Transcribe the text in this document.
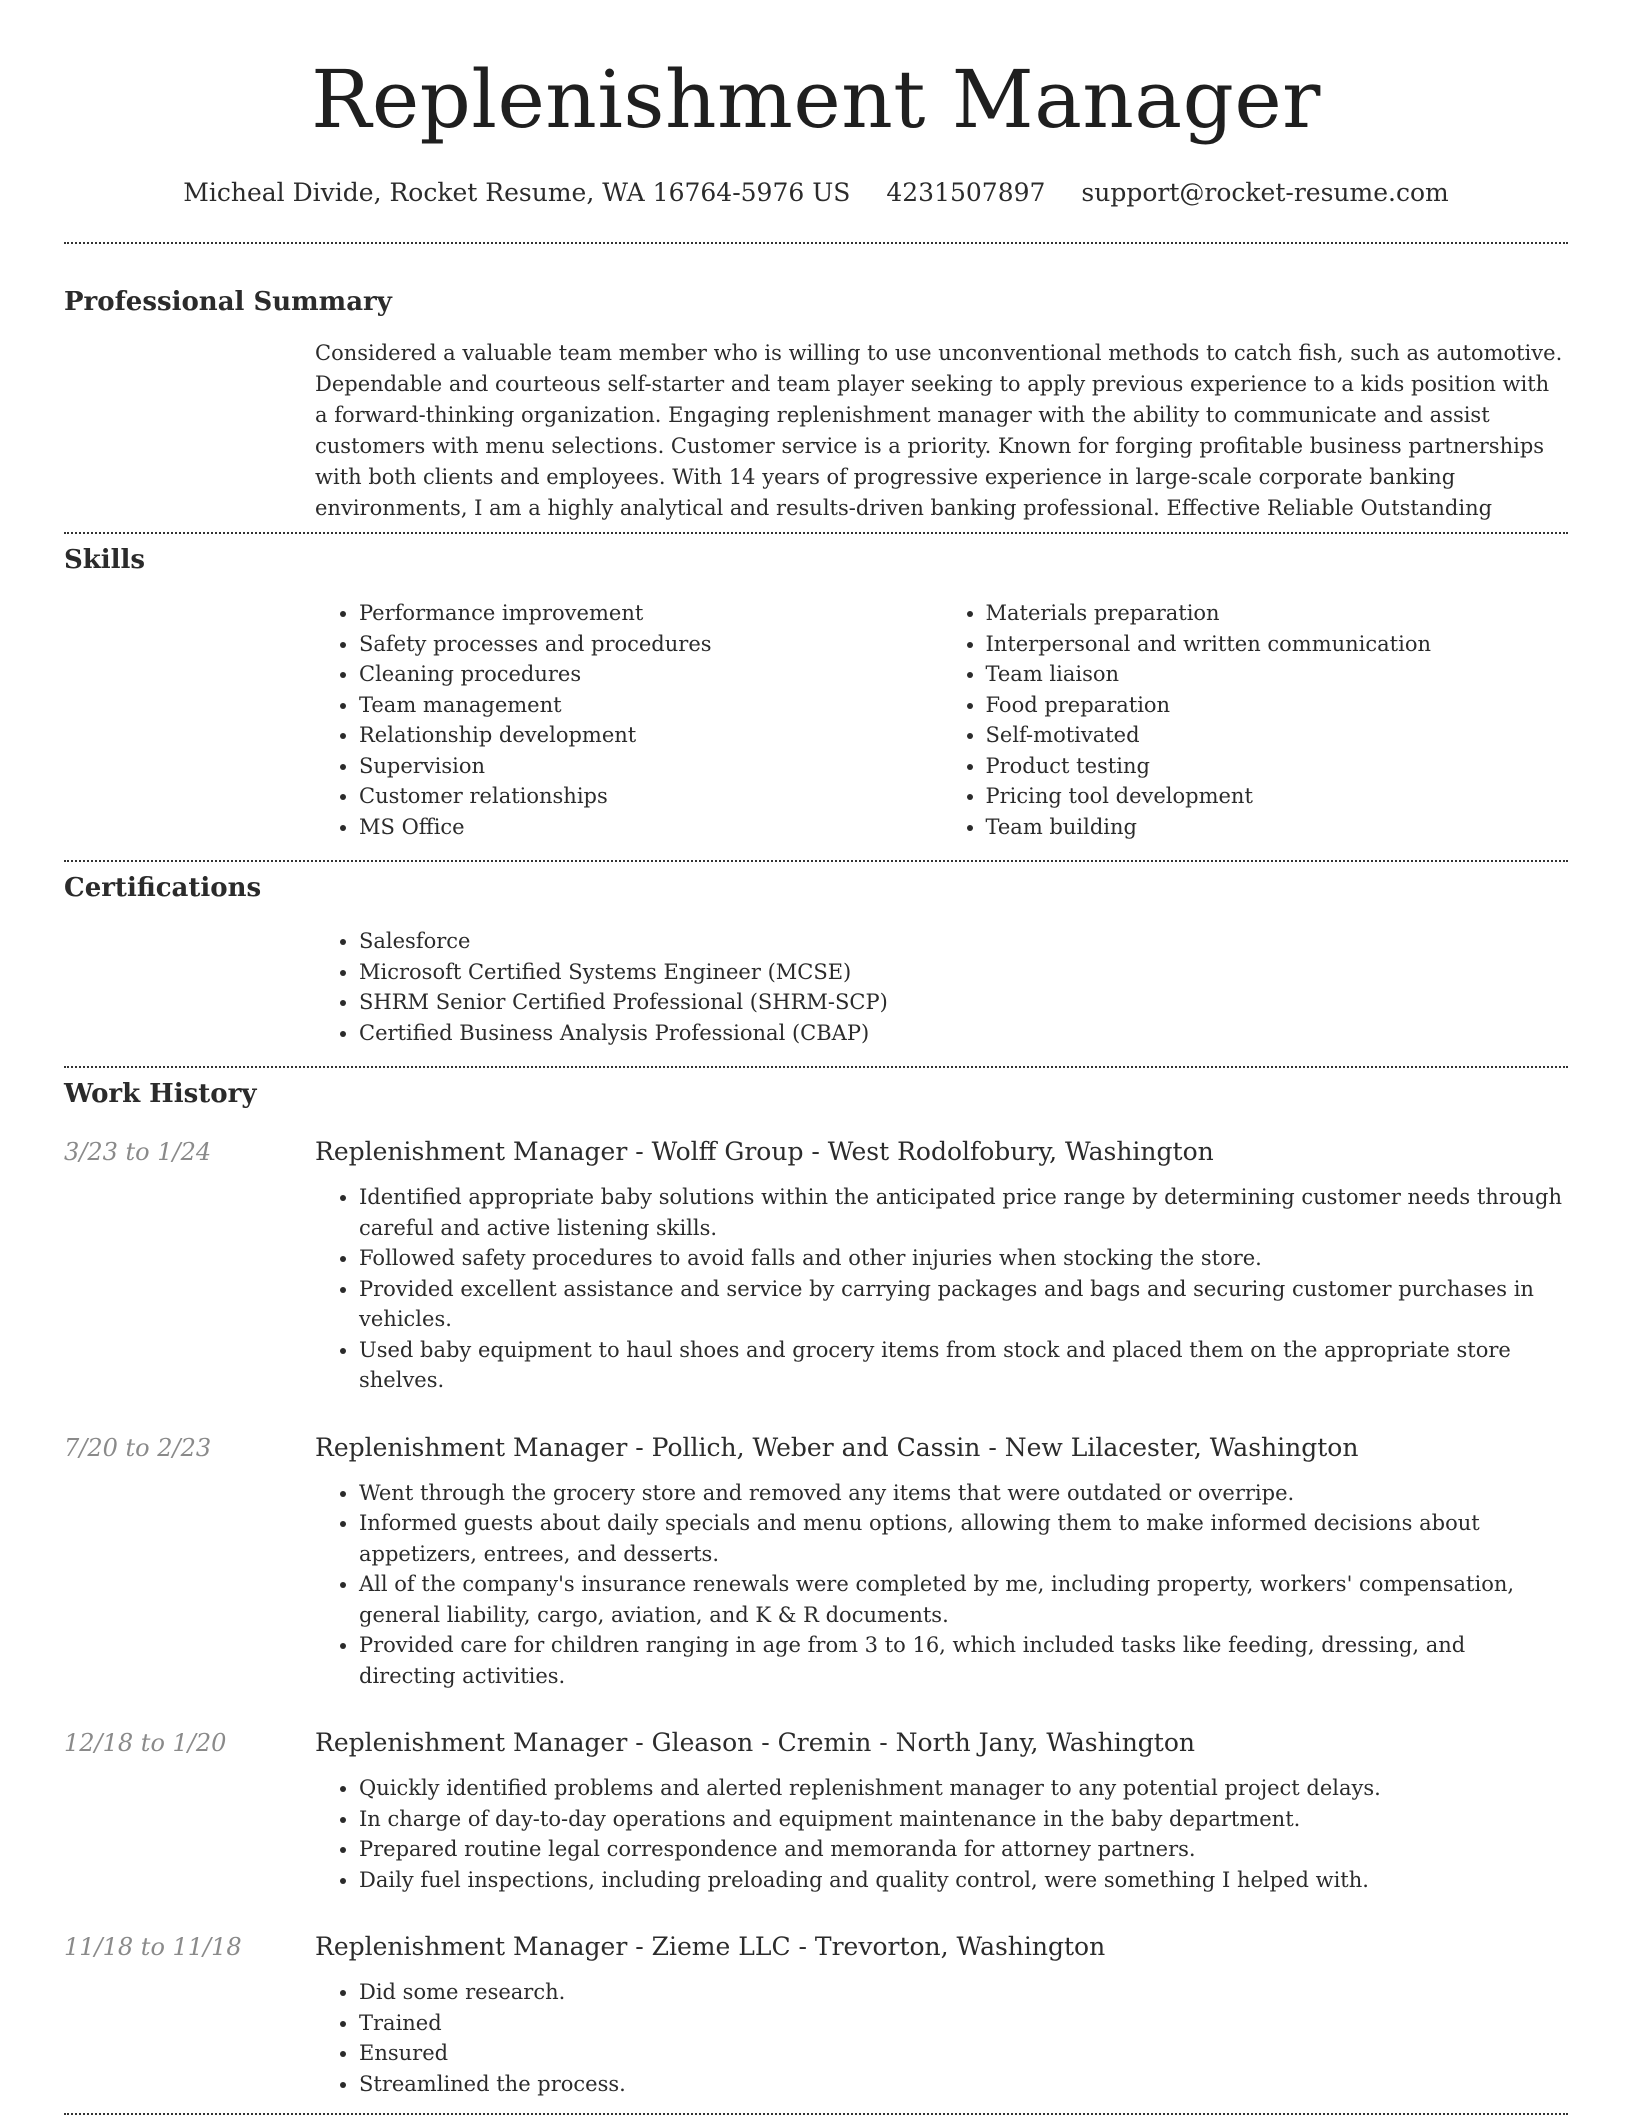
Replenishment Manager
Micheal Divide, Rocket Resume, WA 16764-5976 US 4231507897 support@rocket-resume.com
Professional Summary

Considered a valuable team member who is willing to use unconventional methods to catch fish, such as automotive. Dependable and courteous self-starter and team player seeking to apply previous experience to a kids position with a forward-thinking organization. Engaging replenishment manager with the ability to communicate and assist customers with menu selections. Customer service is a priority. Known for forging profitable business partnerships with both clients and employees. With 14 years of progressive experience in large-scale corporate banking environments, I am a highly analytical and results-driven banking professional. Effective Reliable Outstanding

Skills
• Performance improvement
• Safety processes and procedures
• Cleaning procedures
• Team management
• Relationship development
• Supervision
• Customer relationships
• MS Office
• Materials preparation
• Interpersonal and written communication
• Team liaison
• Food preparation
• Self-motivated
• Product testing
• Pricing tool development
• Team building
Certifications
• Salesforce
• Microsoft Certified Systems Engineer (MCSE)
• SHRM Senior Certified Professional (SHRM-SCP)
• Certified Business Analysis Professional (CBAP)
Work History
3/23 to 1/24	Replenishment Manager - Wolff Group - West Rodolfobury, Washington
• Identified appropriate baby solutions within the anticipated price range by determining customer needs through careful and active listening skills.
• Followed safety procedures to avoid falls and other injuries when stocking the store.
• Provided excellent assistance and service by carrying packages and bags and securing customer purchases in vehicles.
• Used baby equipment to haul shoes and grocery items from stock and placed them on the appropriate store shelves.
7/20 to 2/23	Replenishment Manager - Pollich, Weber and Cassin - New Lilacester, Washington
• Went through the grocery store and removed any items that were outdated or overripe.
• Informed guests about daily specials and menu options, allowing them to make informed decisions about appetizers, entrees, and desserts.
• All of the company's insurance renewals were completed by me, including property, workers' compensation, general liability, cargo, aviation, and K & R documents.
• Provided care for children ranging in age from 3 to 16, which included tasks like feeding, dressing, and directing activities.
12/18 to 1/20	Replenishment Manager - Gleason - Cremin - North Jany, Washington
• Quickly identified problems and alerted replenishment manager to any potential project delays.
• In charge of day-to-day operations and equipment maintenance in the baby department.
• Prepared routine legal correspondence and memoranda for attorney partners.
• Daily fuel inspections, including preloading and quality control, were something I helped with.
11/18 to 11/18	Replenishment Manager - Zieme LLC - Trevorton, Washington
• Did some research.
• Trained
• Ensured
• Streamlined the process.
